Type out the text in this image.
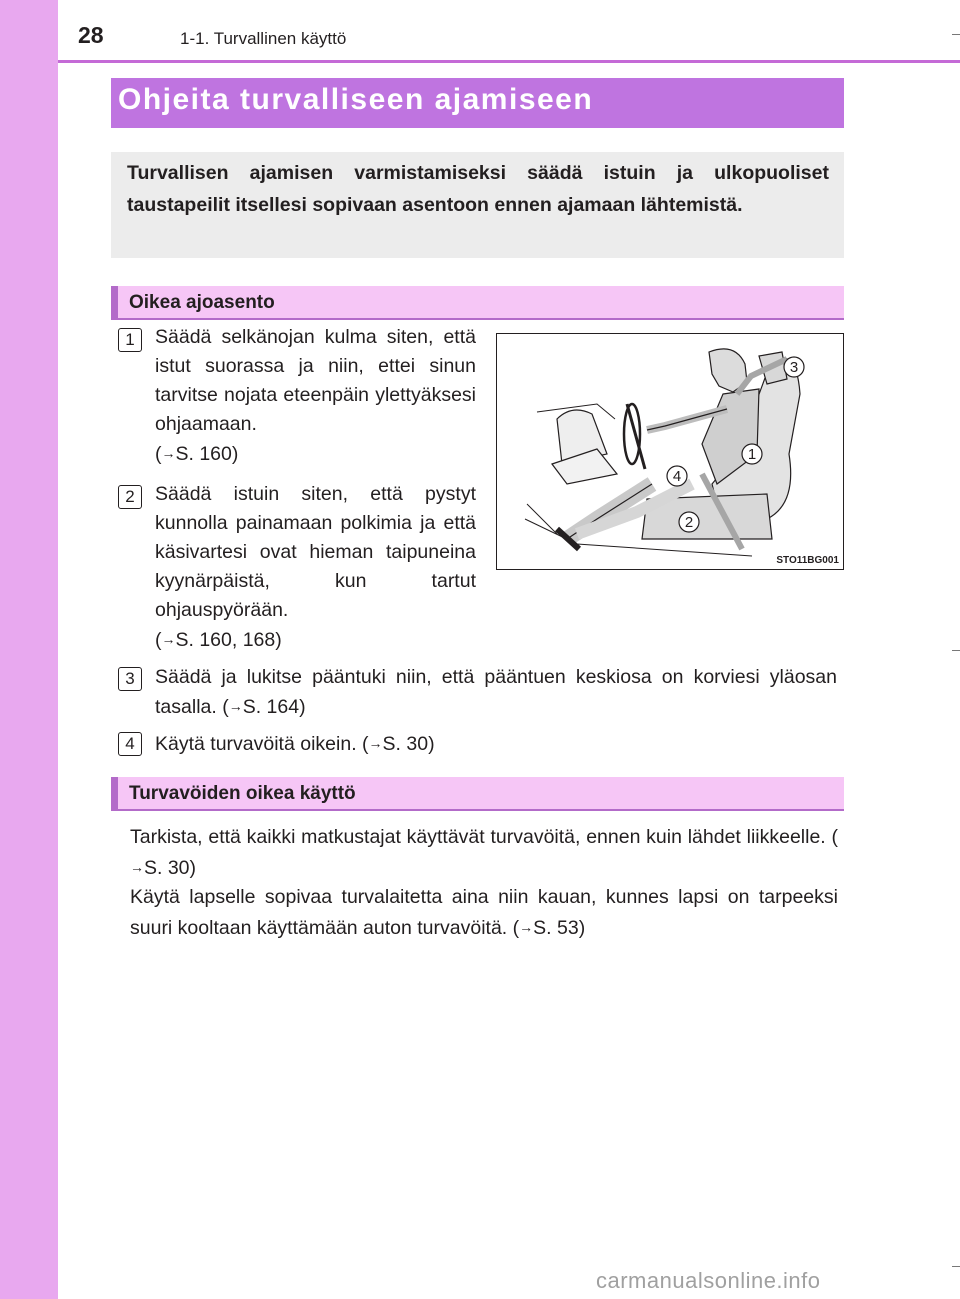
28	1-1. Turvallinen käyttö
Ohjeita turvalliseen ajamiseen

Turvallisen ajamisen varmistamiseksi säädä istuin ja ulkopuoliset taustapeilit itsellesi sopivaan asentoon ennen ajamaan lähtemistä.

Oikea ajoasento
1	Säädä selkänojan kulma siten, että istut suorassa ja niin, ettei sinun tarvitse nojata eteenpäin ylettyäksesi ohjaamaan.
(→S. 160)

2	Säädä istuin siten, että pystyt kunnolla painamaan polkimia ja että käsivartesi ovat hieman taipuneina kyynärpäistä, kun tartut ohjauspyörään.
(→S. 160, 168)

3	Säädä ja lukitse pääntuki niin, että pääntuen keskiosa on korviesi yläosan tasalla. (→S. 164)

4	Käytä turvavöitä oikein. (→S. 30)

3
1
2
4
STO11BG001
Turvavöiden oikea käyttö

Tarkista, että kaikki matkustajat käyttävät turvavöitä, ennen kuin lähdet liikkeelle. (→S. 30)
Käytä lapselle sopivaa turvalaitetta aina niin kauan, kunnes lapsi on tarpeeksi suuri kooltaan käyttämään auton turvavöitä. (→S. 53)

carmanualsonline.info
